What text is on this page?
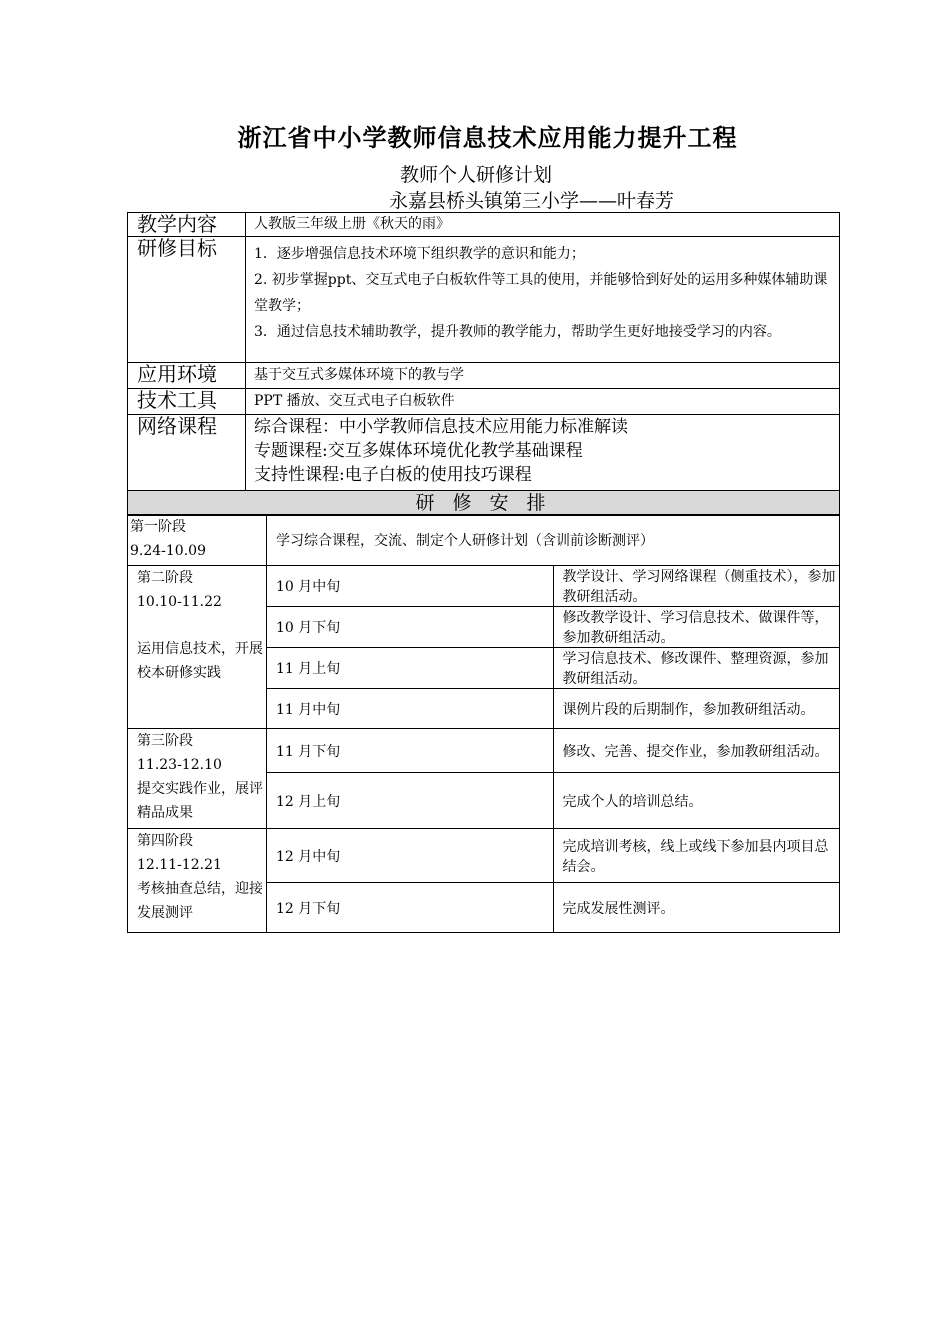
浙江省中小学教师信息技术应用能力提升工程
教师个人研修计划
永嘉县桥头镇第三小学——叶春芳
教学内容	人教版三年级上册《秋天的雨》
研修目标	1．逐步增强信息技术环境下组织教学的意识和能力；
2. 初步掌握ppt、交互式电子白板软件等工具的使用，并能够恰到好处的运用多种媒体辅助课堂教学；
3．通过信息技术辅助教学，提升教师的教学能力，帮助学生更好地接受学习的内容。

应用环境	基于交互式多媒体环境下的教与学
技术工具	PPT 播放、交互式电子白板软件
网络课程	综合课程：中小学教师信息技术应用能力标准解读
专题课程:交互多媒体环境优化教学基础课程
支持性课程:电子白板的使用技巧课程

研 修 安 排	
第一阶段
9.24-10.09	学习综合课程，交流、制定个人研修计划（含训前诊断测评）	

第二阶段
10.10-11.22
运用信息技术，开展校本研修实践	10 月中旬	教学设计、学习网络课程（侧重技术），参加教研组活动。
	10 月下旬	修改教学设计、学习信息技术、做课件等，参加教研组活动。
	11 月上旬	学习信息技术、修改课件、整理资源，参加教研组活动。
	11 月中旬	课例片段的后期制作，参加教研组活动。

第三阶段
11.23-12.10
提交实践作业，展评精品成果	11 月下旬	修改、完善、提交作业，参加教研组活动。
	12 月上旬	完成个人的培训总结。

第四阶段
12.11-12.21
考核抽查总结，迎接发展测评	12 月中旬	完成培训考核，线上或线下参加县内项目总结会。
	12 月下旬	完成发展性测评。
